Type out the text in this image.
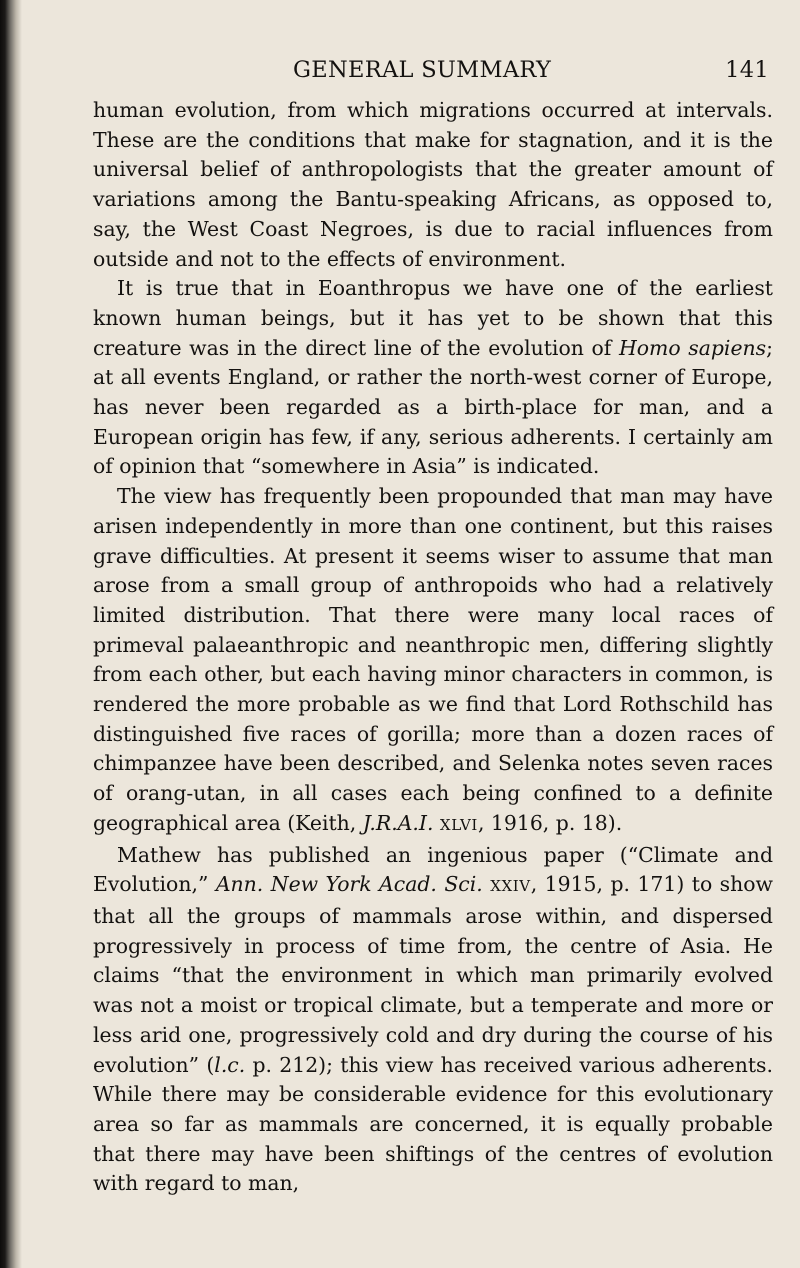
GENERAL SUMMARY	141

human evolution, from which migrations occurred at intervals. These are the conditions that make for stagnation, and it is the universal belief of anthropologists that the greater amount of variations among the Bantu-speaking Africans, as opposed to, say, the West Coast Negroes, is due to racial influences from outside and not to the effects of environment.

It is true that in Eoanthropus we have one of the earliest known human beings, but it has yet to be shown that this creature was in the direct line of the evolution of Homo sapiens; at all events England, or rather the north-west corner of Europe, has never been regarded as a birth-place for man, and a European origin has few, if any, serious adherents. I certainly am of opinion that “somewhere in Asia” is indicated.

The view has frequently been propounded that man may have arisen independently in more than one continent, but this raises grave difficulties. At present it seems wiser to assume that man arose from a small group of anthropoids who had a relatively limited distribution. That there were many local races of primeval palaeanthropic and neanthropic men, differing slightly from each other, but each having minor characters in common, is rendered the more probable as we find that Lord Rothschild has distinguished five races of gorilla; more than a dozen races of chimpanzee have been described, and Selenka notes seven races of orang-utan, in all cases each being confined to a definite geographical area (Keith, J.R.A.I. XLVI, 1916, p. 18).

Mathew has published an ingenious paper (“Climate and Evolution,” Ann. New York Acad. Sci. XXIV, 1915, p. 171) to show that all the groups of mammals arose within, and dispersed progressively in process of time from, the centre of Asia. He claims “that the environment in which man primarily evolved was not a moist or tropical climate, but a temperate and more or less arid one, progressively cold and dry during the course of his evolution” (l.c. p. 212); this view has received various adherents. While there may be considerable evidence for this evolutionary area so far as mammals are concerned, it is equally probable that there may have been shiftings of the centres of evolution with regard to man,
